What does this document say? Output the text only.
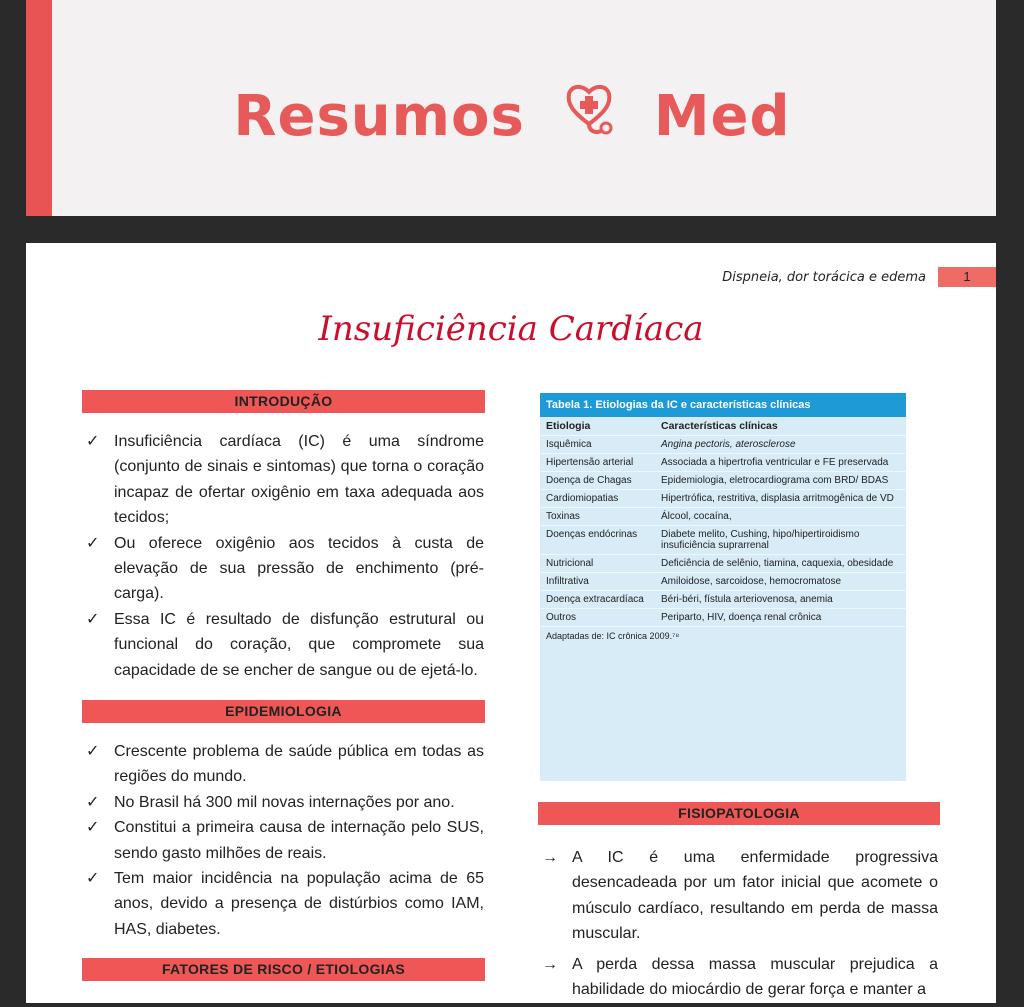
Resumos Med
Dispneia, dor torácica e edema	1
Insuficiência Cardíaca
INTRODUÇÃO
✓ Insuficiência cardíaca (IC) é uma síndrome (conjunto de sinais e sintomas) que torna o coração incapaz de ofertar oxigênio em taxa adequada aos tecidos;
✓ Ou oferece oxigênio aos tecidos à custa de elevação de sua pressão de enchimento (pré-carga).
✓ Essa IC é resultado de disfunção estrutural ou funcional do coração, que compromete sua capacidade de se encher de sangue ou de ejetá-lo.
EPIDEMIOLOGIA
✓ Crescente problema de saúde pública em todas as regiões do mundo.
✓ No Brasil há 300 mil novas internações por ano.
✓ Constitui a primeira causa de internação pelo SUS, sendo gasto milhões de reais.
✓ Tem maior incidência na população acima de 65 anos, devido a presença de distúrbios como IAM, HAS, diabetes.
FATORES DE RISCO / ETIOLOGIAS
Tabela 1. Etiologias da IC e características clínicas
Etiologia	Características clínicas
Isquêmica	Angina pectoris, aterosclerose
Hipertensão arterial	Associada a hipertrofia ventricular e FE preservada
Doença de Chagas	Epidemiologia, eletrocardiograma com BRD/ BDAS
Cardiomiopatias	Hipertrófica, restritiva, displasia arritmogênica de VD
Toxinas	Álcool, cocaína,
Doenças endócrinas	Diabete melito, Cushing, hipo/hipertiroidismo insuficiência suprarrenal
Nutricional	Deficiência de selênio, tiamina, caquexia, obesidade
Infiltrativa	Amiloidose, sarcoidose, hemocromatose
Doença extracardíaca	Béri-béri, fístula arteriovenosa, anemia
Outros	Periparto, HIV, doença renal crônica
Adaptadas de: IC crônica 2009.⁷⁸
FISIOPATOLOGIA
→ A IC é uma enfermidade progressiva desencadeada por um fator inicial que acomete o músculo cardíaco, resultando em perda de massa muscular.
→ A perda dessa massa muscular prejudica a habilidade do miocárdio de gerar força e manter a
